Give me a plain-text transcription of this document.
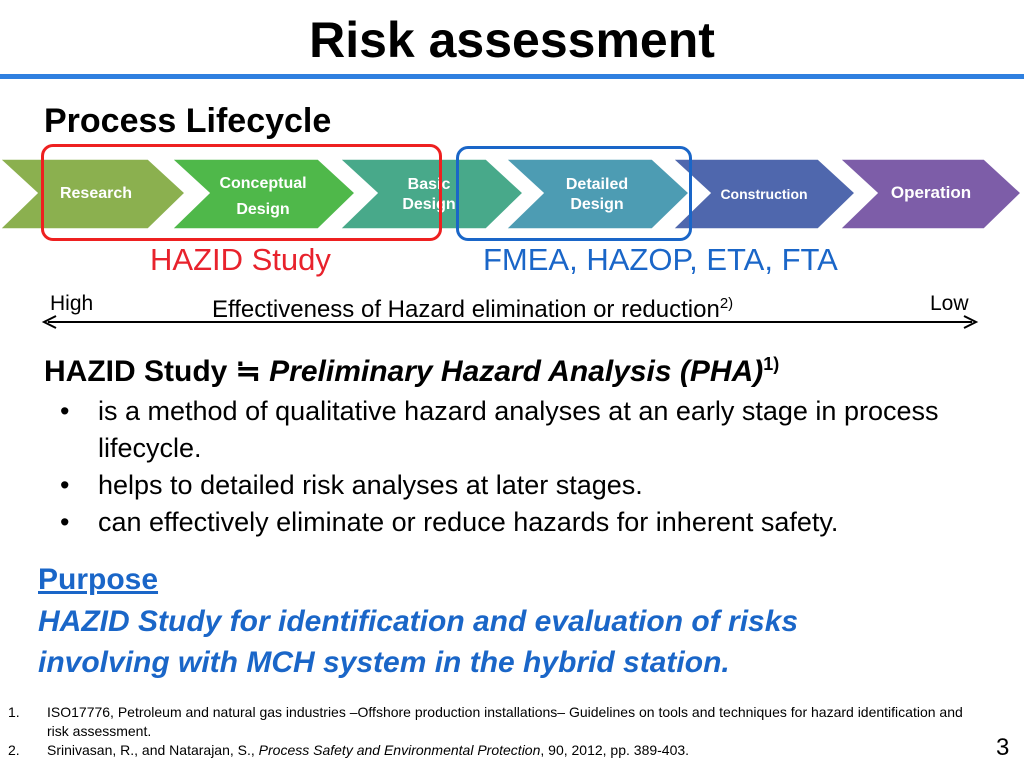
Risk assessment
Process Lifecycle
Research
Conceptual
Design
Basic
Design
Detailed
Design
Construction	Operation
HAZID Study	FMEA, HAZOP, ETA, FTA
High	Effectiveness of Hazard elimination or reduction$^{2)}$	Low
HAZID Study ≒ Preliminary Hazard Analysis (PHA)$^{1)}$
• is a method of qualitative hazard analyses at an early stage in process lifecycle.
• helps to detailed risk analyses at later stages.
• can effectively eliminate or reduce hazards for inherent safety.
Purpose
HAZID Study for identification and evaluation of risks
involving with MCH system in the hybrid station.
1. ISO17776, Petroleum and natural gas industries –Offshore production installations– Guidelines on tools and techniques for hazard identification and risk assessment.
2. Srinivasan, R., and Natarajan, S., Process Safety and Environmental Protection, 90, 2012, pp. 389-403.	3
